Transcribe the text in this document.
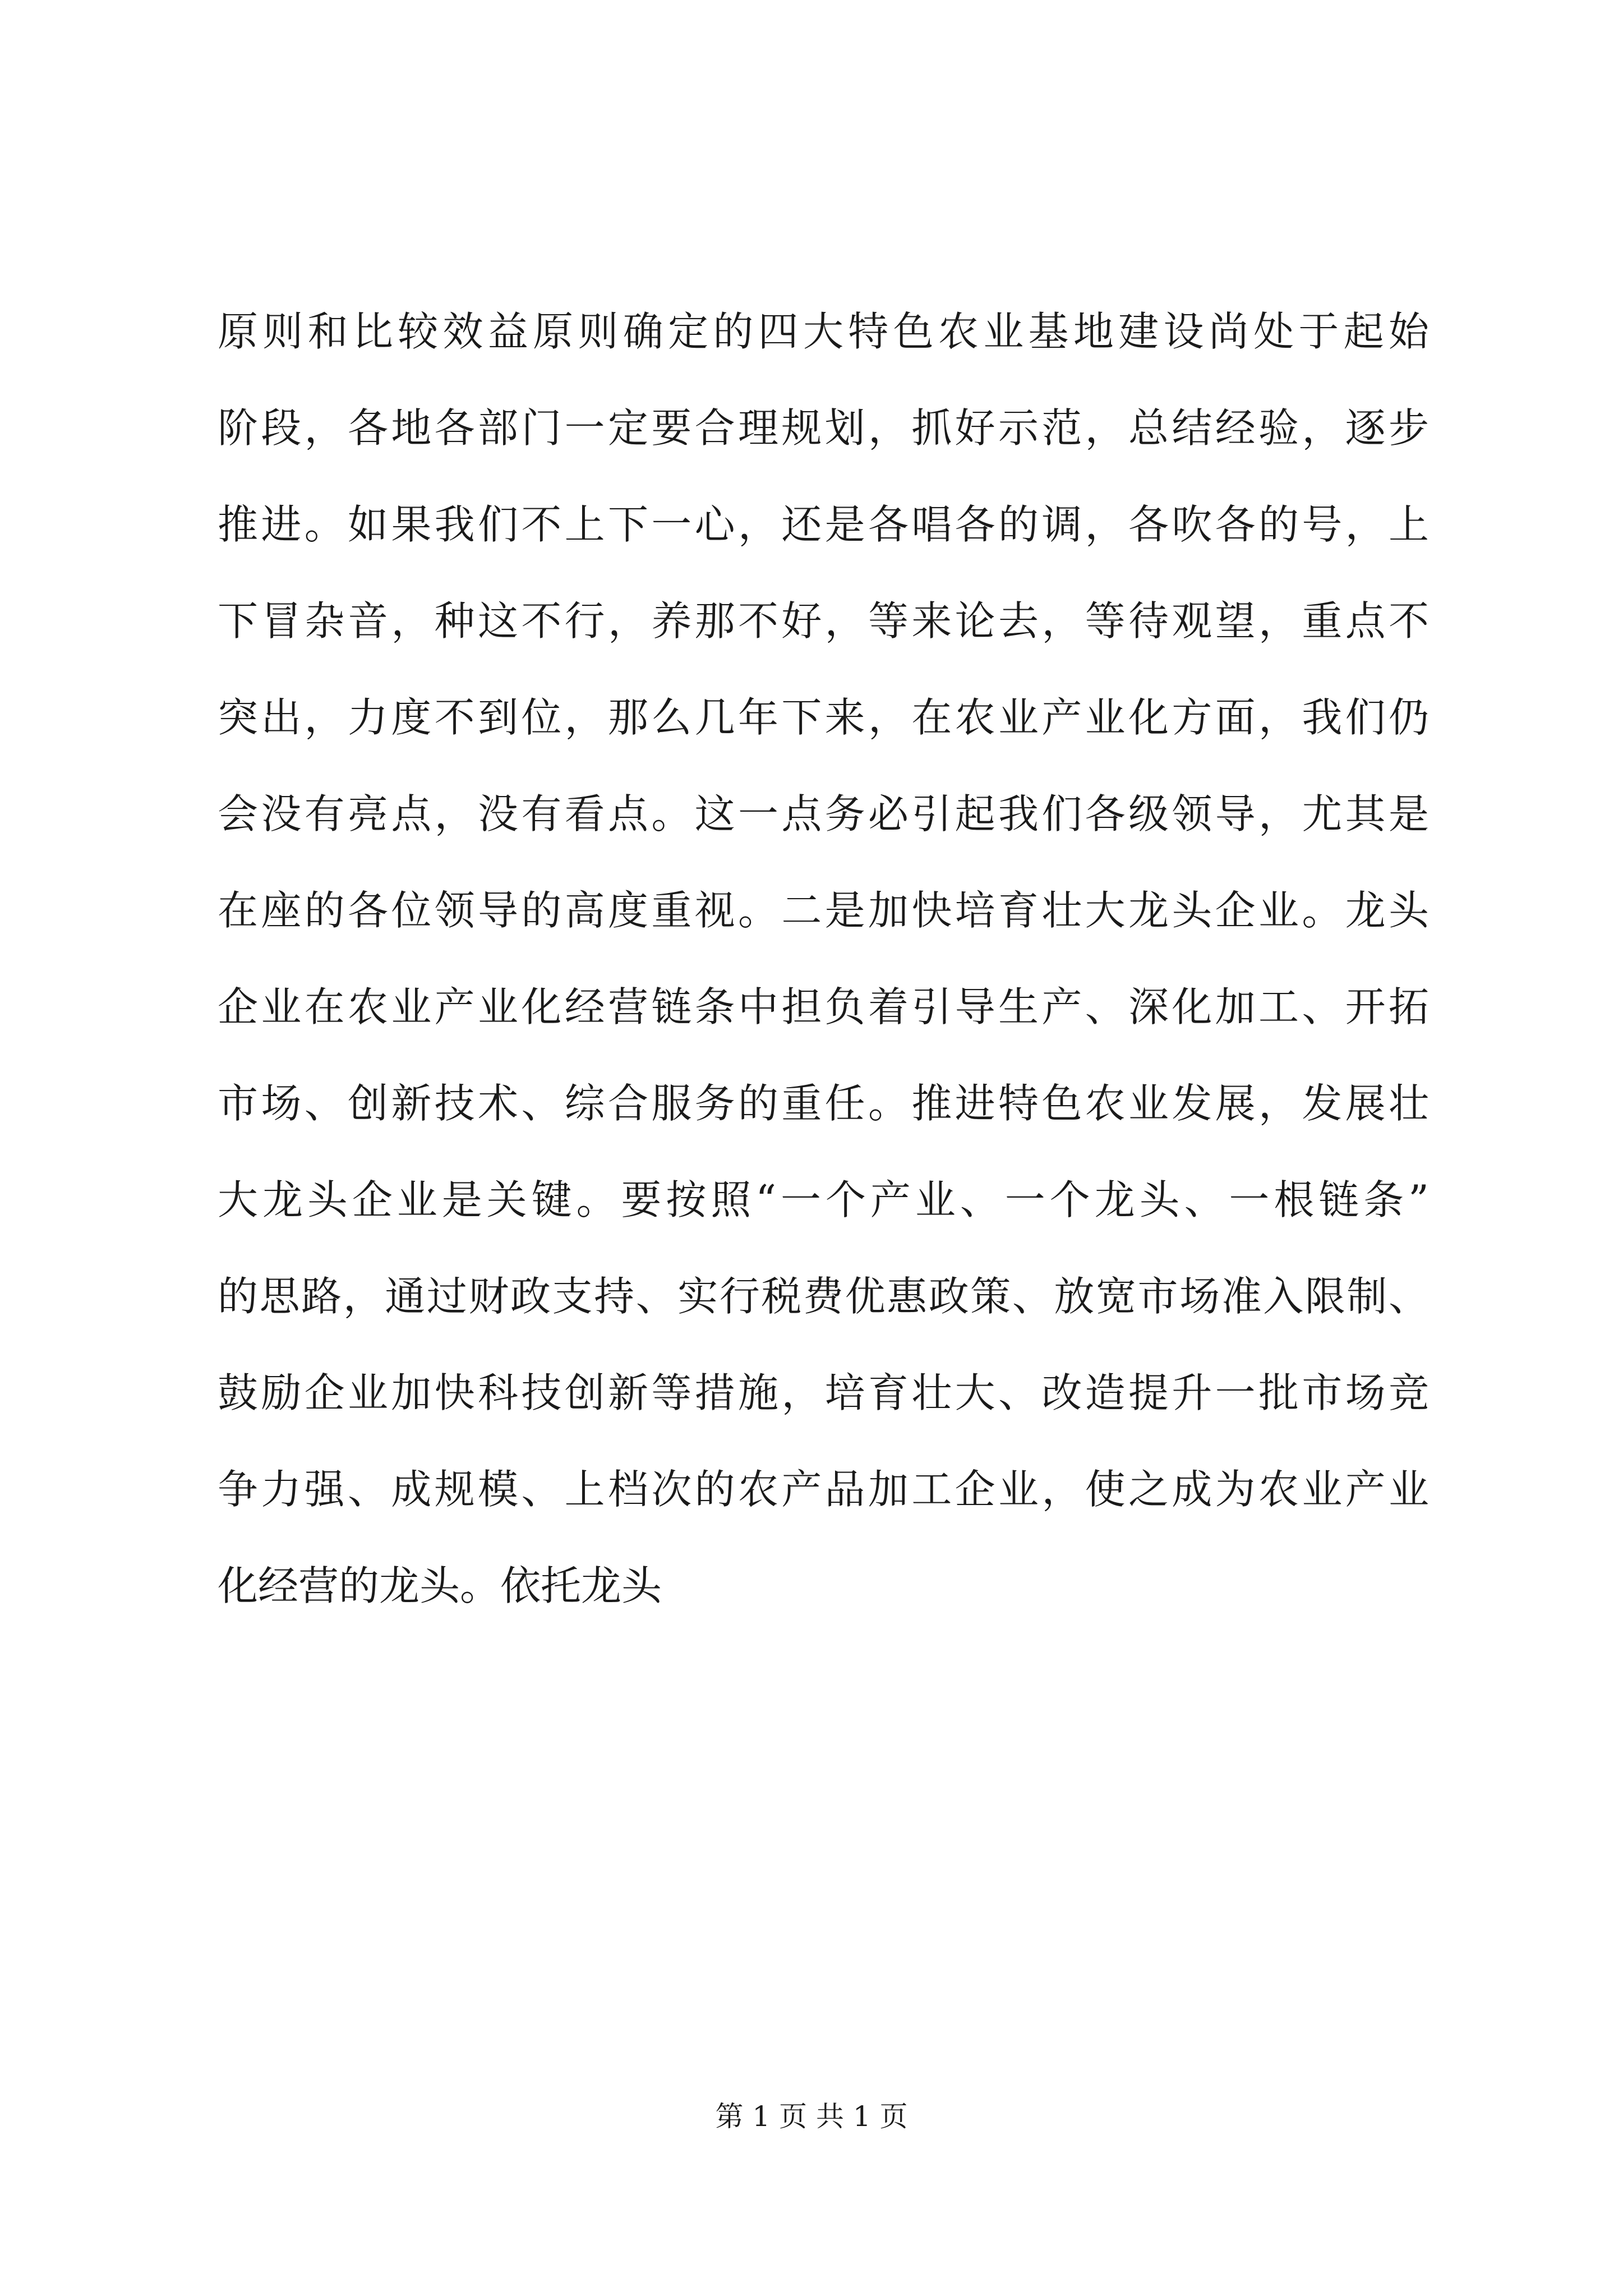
原则和比较效益原则确定的四大特色农业基地建设尚处于起始
阶段，各地各部门一定要合理规划，抓好示范，总结经验，逐步
推进。如果我们不上下一心，还是各唱各的调，各吹各的号，上
下冒杂音，种这不行，养那不好，等来论去，等待观望，重点不
突出，力度不到位，那么几年下来，在农业产业化方面，我们仍
会没有亮点，没有看点。这一点务必引起我们各级领导，尤其是
在座的各位领导的高度重视。二是加快培育壮大龙头企业。龙头
企业在农业产业化经营链条中担负着引导生产、深化加工、开拓
市场、创新技术、综合服务的重任。推进特色农业发展，发展壮
大龙头企业是关键。要按照“一个产业、一个龙头、一根链条”
的思路，通过财政支持、实行税费优惠政策、放宽市场准入限制、
鼓励企业加快科技创新等措施，培育壮大、改造提升一批市场竞
争力强、成规模、上档次的农产品加工企业，使之成为农业产业
化经营的龙头。依托龙头
第 1 页 共 1 页
